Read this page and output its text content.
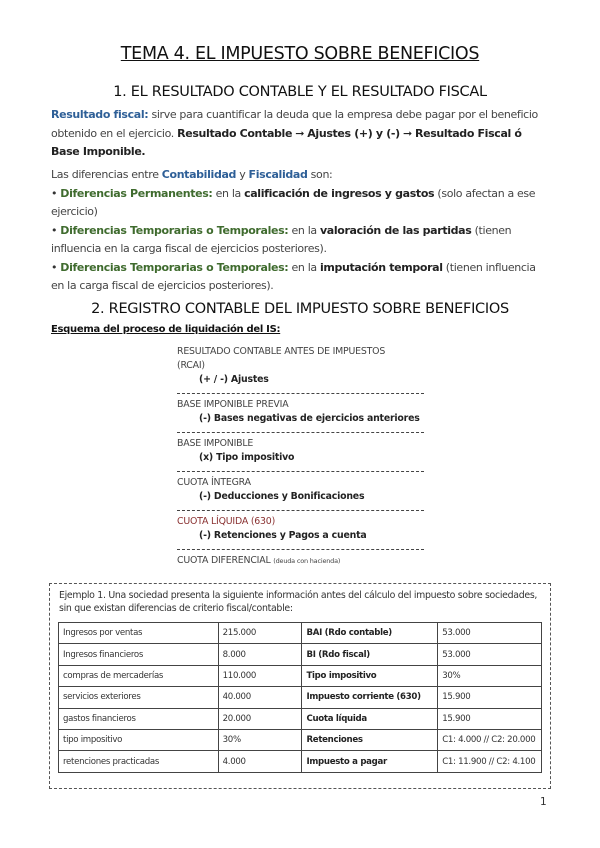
TEMA 4. EL IMPUESTO SOBRE BENEFICIOS
1. EL RESULTADO CONTABLE Y EL RESULTADO FISCAL

Resultado fiscal: sirve para cuantificar la deuda que la empresa debe pagar por el beneficio obtenido en el ejercicio. Resultado Contable ➞ Ajustes (+) y (-) ➞ Resultado Fiscal ó Base Imponible.

Las diferencias entre Contabilidad y Fiscalidad son:

• Diferencias Permanentes: en la calificación de ingresos y gastos (solo afectan a ese ejercicio)

• Diferencias Temporarias o Temporales: en la valoración de las partidas (tienen influencia en la carga fiscal de ejercicios posteriores).

• Diferencias Temporarias o Temporales: en la imputación temporal (tienen influencia en la carga fiscal de ejercicios posteriores).

2. REGISTRO CONTABLE DEL IMPUESTO SOBRE BENEFICIOS
Esquema del proceso de liquidación del IS:
RESULTADO CONTABLE ANTES DE IMPUESTOS
(RCAI)
(+ / -) Ajustes
BASE IMPONIBLE PREVIA
(-) Bases negativas de ejercicios anteriores
BASE IMPONIBLE
(x) Tipo impositivo
CUOTA ÍNTEGRA
(-) Deducciones y Bonificaciones
CUOTA LÍQUIDA (630)
(-) Retenciones y Pagos a cuenta
CUOTA DIFERENCIAL (deuda con hacienda)
Ejemplo 1. Una sociedad presenta la siguiente información antes del cálculo del impuesto sobre sociedades, sin que existan diferencias de criterio fiscal/contable:
Ingresos por ventas	215.000	BAI (Rdo contable)	53.000
Ingresos financieros	8.000	BI (Rdo fiscal)	53.000
compras de mercaderías	110.000	Tipo impositivo	30%
servicios exteriores	40.000	Impuesto corriente (630)	15.900
gastos financieros	20.000	Cuota líquida	15.900
tipo impositivo	30%	Retenciones	C1: 4.000 // C2: 20.000
retenciones practicadas	4.000	Impuesto a pagar	C1: 11.900 // C2: 4.100
1
